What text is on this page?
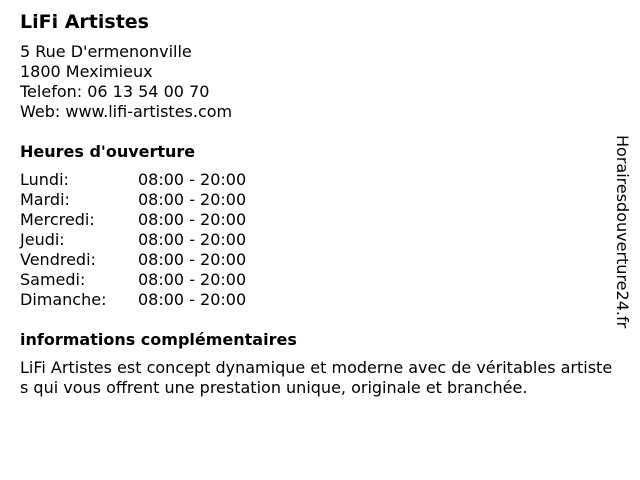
LiFi Artistes

5 Rue D'ermenonville

1800 Meximieux

Telefon: 06 13 54 00 70

Web: www.lifi-artistes.com

Heures d'ouverture
Lundi:	08:00 - 20:00
Mardi:	08:00 - 20:00
Mercredi:	08:00 - 20:00
Jeudi:	08:00 - 20:00
Vendredi:	08:00 - 20:00
Samedi:	08:00 - 20:00
Dimanche:	08:00 - 20:00
informations complémentaires

LiFi Artistes est concept dynamique et moderne avec de véritables artistes qui vous offrent une prestation unique, originale et branchée.

Horairesdouverture24.fr
